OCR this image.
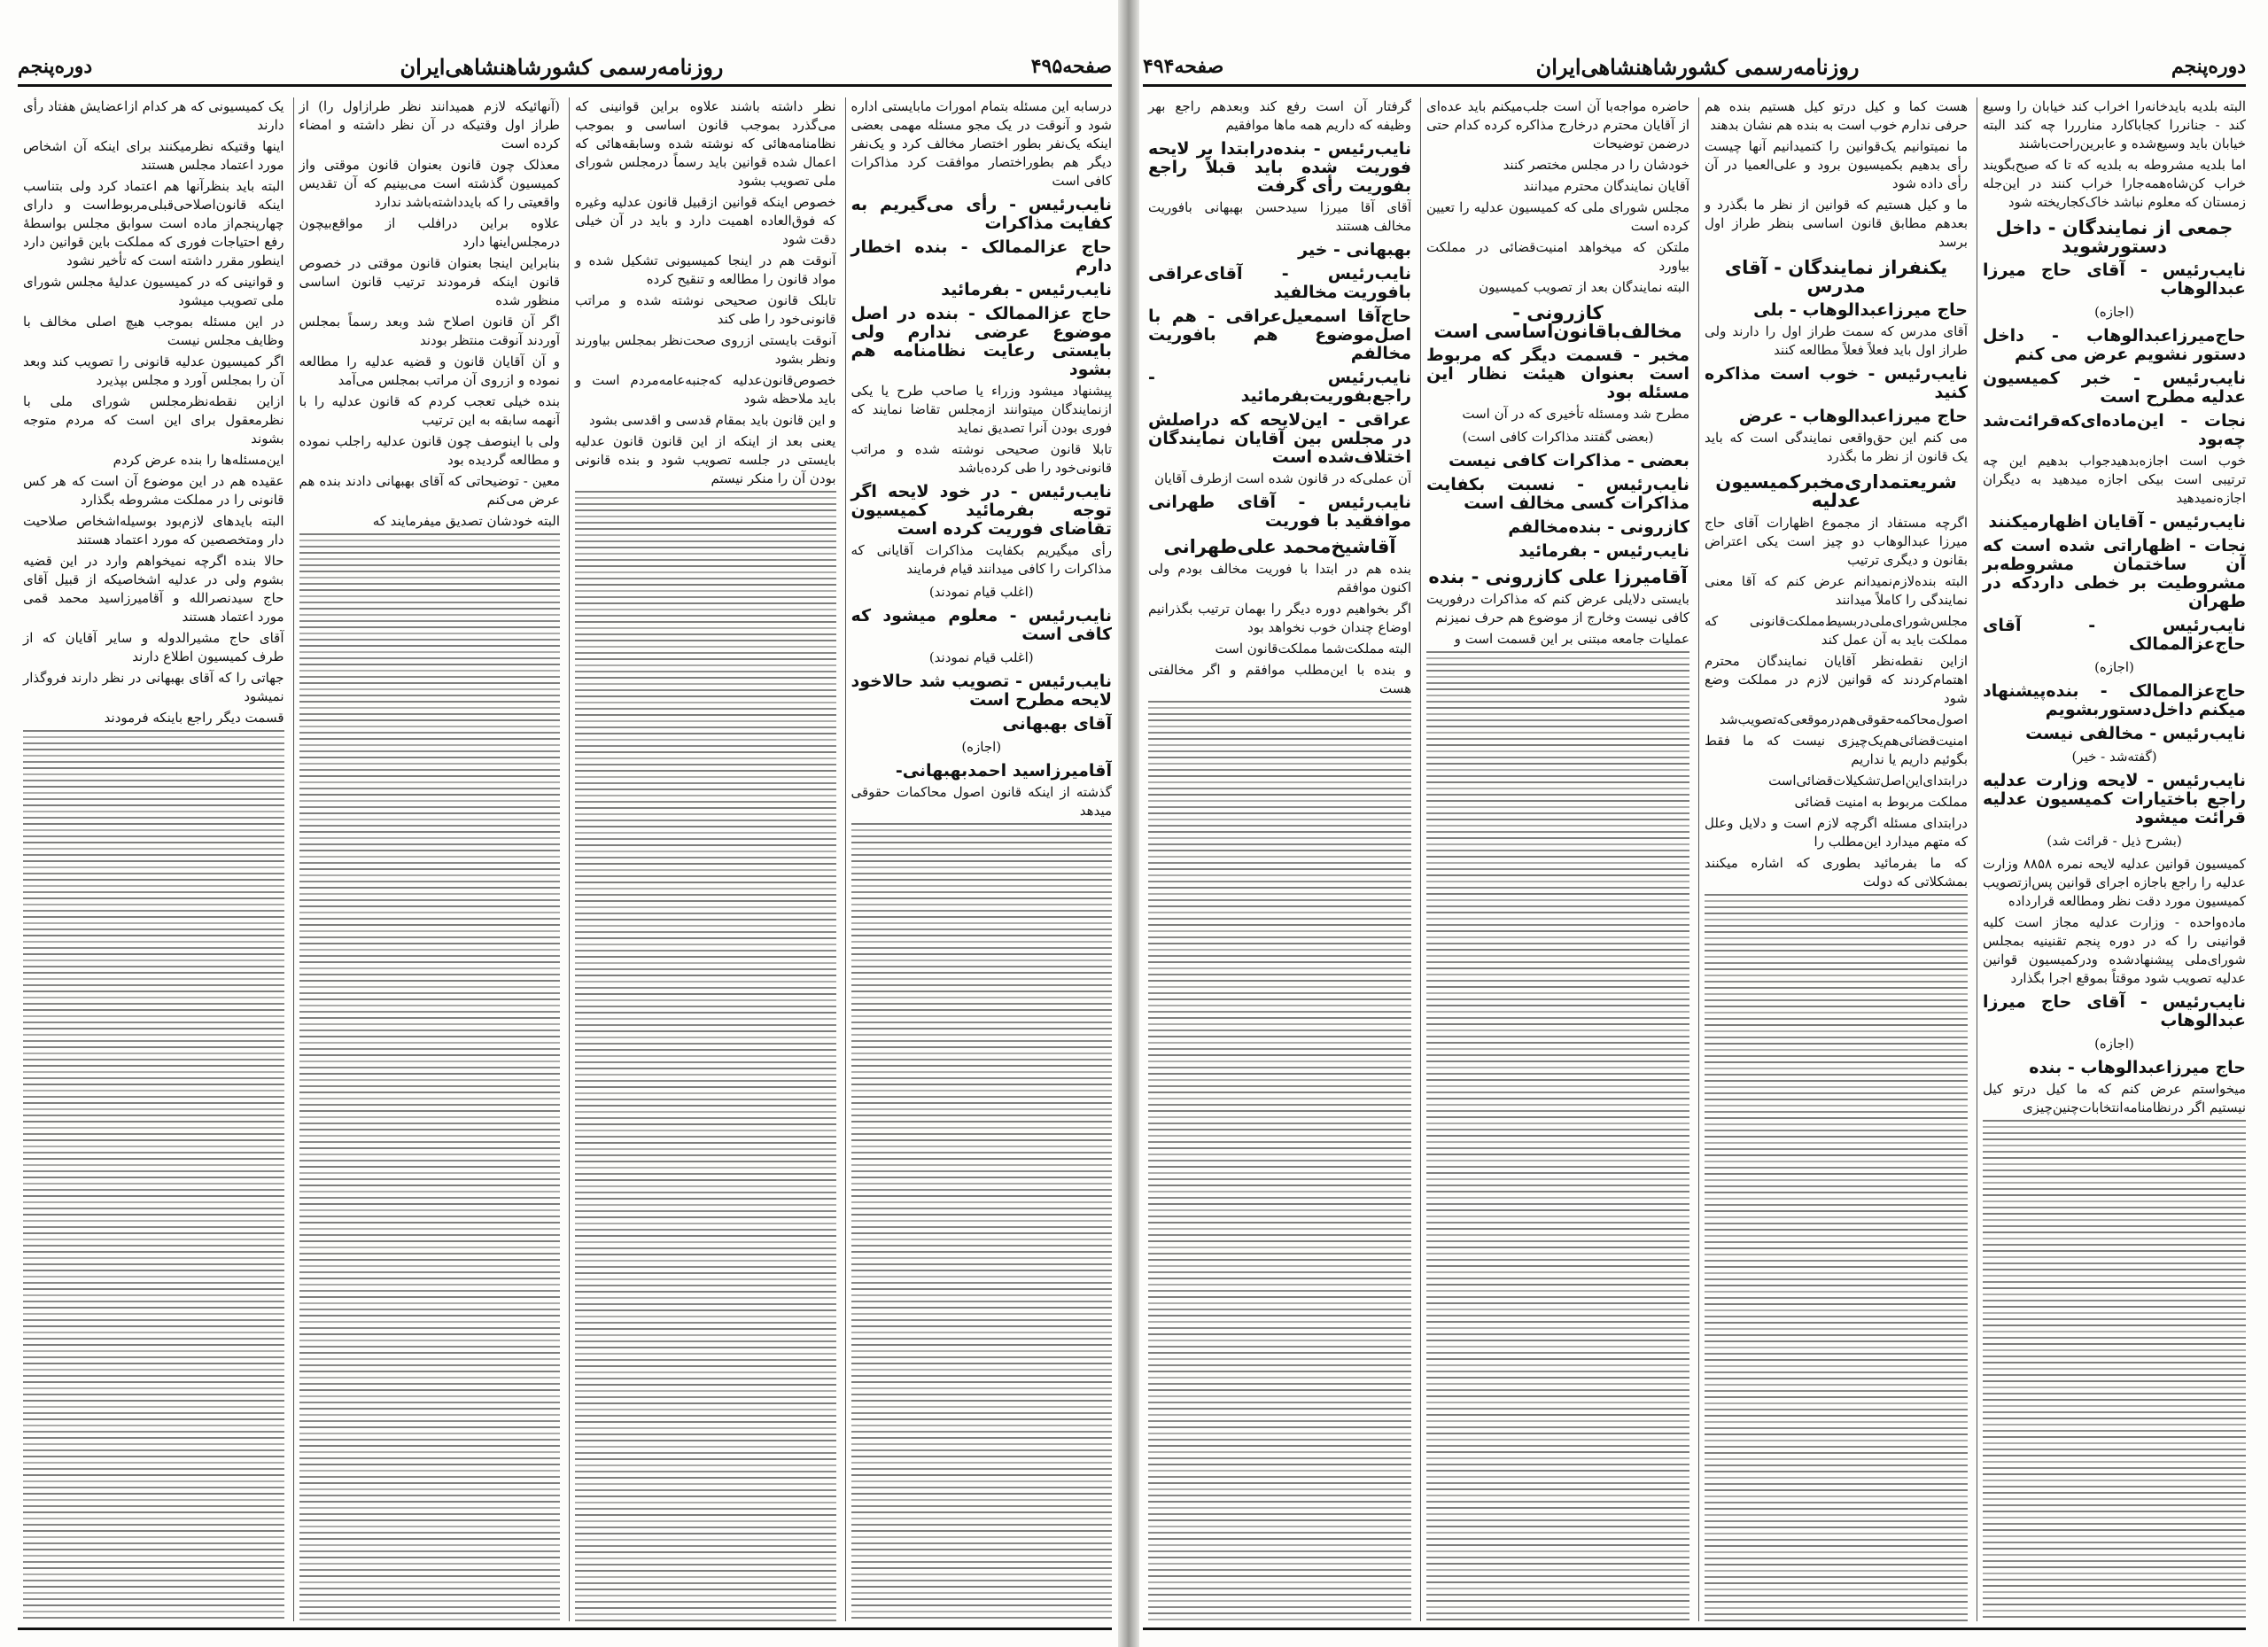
صفحه۴۹۵
روزنامه‌رسمی کشورشاهنشاهی‌ایران
دوره‌پنجم

درسابه این مسئله بتمام امورات مابایستی اداره شود و آنوقت در یک مجو مسئله مهمی بعضی اینکه یک‌نفر بطور اختصار مخالف کرد و یک‌نفر دیگر هم بطوراختصار موافقت کرد مذاکرات کافی است

نایب‌رئیس - رأی می‌گیریم به کفایت مذاکرات
حاج عزالممالک - بنده اخطار دارم
نایب‌رئیس - بفرمائید
حاج عزالممالک - بنده در اصل موضوع عرضی ندارم ولی بایستی رعایت نظامنامه هم بشود

پیشنهاد میشود وزراء یا صاحب طرح یا یکی ازنمایندگان میتوانند ازمجلس تقاضا نمایند که فوری بودن آنرا تصدیق نماید

تابلا قانون صحیحی نوشته شده و مراتب قانونی‌خود را طی کرده‌باشد

نایب‌رئیس - در خود لایحه اگر توجه بفرمائید کمیسیون تقاضای فوریت کرده است

رأی میگیریم بکفایت مذاکرات آقایانی که مذاکرات را کافی میدانند قیام فرمایند

(اغلب قیام نمودند)
نایب‌رئیس - معلوم میشود که کافی است
(اغلب قیام نمودند)
نایب‌رئیس - تصویب شد حالاخود لایحه مطرح است
آقای بهبهانی
(اجازه)
آقامیرزاسید احمدبهبهانی-

گذشته از اینکه قانون اصول محاکمات حقوقی میدهد

نظر داشته باشند علاوه براین قوانینی که می‌گذرد بموجب قانون اساسی و بموجب نظامنامه‌هائی که نوشته شده وسابقه‌هائی که اعمال شده قوانین باید رسماً درمجلس شورای ملی تصویب بشود

خصوص اینکه قوانین ازقبیل قانون عدلیه وغیره که فوق‌العاده اهمیت دارد و باید در آن خیلی دقت شود

آنوقت هم در اینجا کمیسیونی تشکیل شده و مواد قانون را مطالعه و تنقیح کرده

تابلک قانون صحیحی نوشته شده و مراتب قانونی‌خود را طی کند

آنوقت بایستی ازروی صحت‌نظر بمجلس بیاورند ونظر بشود

خصوص‌قانون‌عدلیه که‌جنبه‌عامه‌مردم است و باید ملاحظه شود

و این قانون باید بمقام قدسی و اقدسی بشود

یعنی بعد از اینکه از این قانون قانون عدلیه بایستی در جلسه تصویب شود و بنده قانونی بودن آن را منکر نیستم

(آنهائیکه لازم همیدانند نظر طرازاول را) از طراز اول وقتیکه در آن نظر داشته و امضاء کرده است

معذلک چون قانون بعنوان قانون موقتی واز کمیسیون گذشته است می‌بینیم که آن تقدیس واقعیتی را که بایدداشته‌باشد ندارد

علاوه براین درافلب از مواقع‌بیچون درمجلس‌اینها دارد

بنابراین اینجا بعنوان قانون موقتی در خصوص قانون اینکه فرمودند ترتیب قانون اساسی منظور شده

اگر آن قانون اصلاح شد وبعد رسماً بمجلس آوردند آنوقت منتظر بودند

و آن آقایان قانون و قضیه عدلیه را مطالعه نموده و ازروی آن مراتب بمجلس می‌آمد

بنده خیلی تعجب کردم که قانون عدلیه را با آنهمه سابقه به این ترتیب

ولی با اینوصف چون قانون عدلیه راجلب نموده و مطالعه گردیده بود

معین - توضیحاتی که آقای بهبهانی دادند بنده هم عرض می‌کنم

البته خودشان تصدیق میفرمایند که

یک کمیسیونی که هر کدام ازاعضایش هفتاد رأی دارند

اینها وقتیکه نظرمیکنند برای اینکه آن اشخاص مورد اعتماد مجلس هستند

البته باید بنظرآنها هم اعتماد کرد ولی بتناسب اینکه قانون‌اصلاحی‌قبلی‌مربوط‌است و دارای چهارپنجم‌از ماده است سوابق مجلس بواسطهٔ رفع احتیاجات فوری که مملکت باین قوانین دارد اینطور مقرر داشته است که تأخیر نشود

و قوانینی که در کمیسیون عدلیهٔ مجلس شورای ملی تصویب میشود

در این مسئله بموجب هیچ اصلی مخالف با وظایف مجلس نیست

اگر کمیسیون عدلیه قانونی را تصویب کند وبعد آن را بمجلس آورد و مجلس بپذیرد

ازاین نقطه‌نظرمجلس شورای ملی با نظرمعقول برای این است که مردم متوجه بشوند

این‌مسئله‌ها را بنده عرض کردم

عقیده هم در این موضوع آن است که هر کس قانونی را در مملکت مشروطه بگذارد

البته بایدهای لازم‌بود بوسیله‌اشخاص صلاحیت دار ومتخصصین که مورد اعتماد هستند

حالا بنده اگرچه نمیخواهم وارد در این قضیه بشوم ولی در عدلیه اشخاصیکه از قبیل آقای حاج سیدنصرالله و آقامیرزاسید محمد قمی مورد اعتماد هستند

آقای حاج مشیرالدوله و سایر آقایان که از طرف کمیسیون اطلاع دارند

جهاتی را که آقای بهبهانی در نظر دارند فروگذار نمیشود

قسمت دیگر راجع باینکه فرمودند

دوره‌پنجم
روزنامه‌رسمی کشورشاهنشاهی‌ایران
صفحه۴۹۴

البته بلدیه بایدخانه‌را اخراب کند خیابان را وسیع کند - جنانررا کجاباکارد منارررا چه کند البته خیابان باید وسیع‌شده و عابرین‌راحت‌باشند

اما بلدیه مشروطه به بلدیه که تا که صبح‌بگویند خراب کن‌شاه‌همه‌جارا خراب کنند در این‌جله زمستان که معلوم نباشد خاک‌کجا‌ریخته شود

جمعی از نمایندگان - داخل دستورشوید
نایب‌رئیس - آقای حاج میرزا عبدالوهاب
(اجازه)
حاج‌میرزاعبدالوهاب - داخل دستور نشویم عرض می کنم
نایب‌رئیس - خبر کمیسیون عدلیه مطرح است
نجات - این‌ماده‌ای‌که‌قرائت‌شد چه‌بود

خوب است اجازه‌بدهیدجواب بدهیم این چه ترتیبی است بیکی اجازه میدهید به دیگران اجازه‌نمیدهید

نایب‌رئیس - آقایان اظهارمیکنند
نجات - اظهاراتی شده است که آن ساختمان مشروطه‌بر مشروطیت بر خطی داردکه در طهران
نایب‌رئیس - آقای حاج‌عزالممالک
(اجازه)
حاج‌عزالممالک - بنده‌پیشنهاد میکنم داخل‌دستوربشویم
نایب‌رئیس - مخالفی نیست
(گفته‌شد - خیر)
نایب‌رئیس - لایحه وزارت عدلیه راجع باختیارات کمیسیون عدلیه قرائت میشود
(بشرح ذیل - قرائت شد)

کمیسیون قوانین عدلیه لایحه نمره ۸۸۵۸ وزارت عدلیه را راجع باجازه اجرای قوانین پس‌ازتصویب کمیسیون مورد دقت نظر ومطالعه قرارداده

ماده‌واحده - وزارت عدلیه مجاز است کلیه قوانینی را که در دوره پنجم تقنینیه بمجلس شورای‌ملی پیشنهادشده ودرکمیسیون قوانین عدلیه تصویب شود موقتاً بموقع اجرا بگذارد

نایب‌رئیس - آقای حاج میرزا عبدالوهاب
(اجازه)
حاج میرزاعبدالوهاب - بنده

میخواستم عرض کنم که ما کیل درتو کیل نیستیم اگر درنظامنامه‌انتخابات‌چنین‌چیزی

هست کما و کیل درتو کیل هستیم بنده هم حرفی ندارم خوب است به بنده هم نشان بدهند

ما نمیتوانیم یک‌قوانین را کتمیدانیم آنها چیست رأی بدهیم بکمیسیون برود و علی‌العمیا در آن رأی داده شود

ما و کیل هستیم که قوانین از نظر ما بگذرد و بعدهم مطابق قانون اساسی بنظر طراز اول برسد

یکنفراز نمایندگان - آقای مدرس
حاج میرزاعبدالوهاب - بلی

آقای مدرس که سمت طراز اول را دارند ولی طراز اول باید فعلاً فعلاً مطالعه کنند

نایب‌رئیس - خوب است مذاکره کنید
حاج میرزاعبدالوهاب - عرض

می کنم این حق‌واقعی نمایندگی است که باید یک قانون از نظر ما بگذرد

شریعتمداری‌مخبرکمیسیون عدلیه

اگرچه مستفاد از مجموع اظهارات آقای حاج میرزا عبدالوهاب دو چیز است یکی اعتراض بقانون و دیگری ترتیب

البته بنده‌لازم‌نمیدانم عرض کنم که آقا معنی نمایندگی را کاملاً میدانند

مجلس‌شورای‌ملی‌در‌بسیط‌مملکت‌قانونی که مملکت باید به آن عمل کند

ازاین نقطه‌نظر آقایان نمایندگان محترم اهتمام‌کردند که قوانین لازم در مملکت وضع شود

اصول‌محاکمه‌حقوقی‌هم‌در‌موقعی‌که‌تصویب‌شد

امنیت‌قضائی‌هم‌یک‌چیزی نیست که ما فقط بگوئیم داریم یا نداریم

درابتدای‌این‌اصل‌تشکیلات‌قضائی‌است

مملکت مربوط به امنیت قضائی

درابتدای مسئله اگرچه لازم است و دلایل وعلل که متهم میدارد این‌مطلب را

که ما بفرمائید بطوری که اشاره میکنند بمشکلاتی که دولت

حاضره مواجه‌با آن است جلب‌میکنم باید عده‌ای از آقایان محترم درخارج مذاکره کرده کدام حتی درضمن توضیحات

خودشان را در مجلس مختصر کنند

آقایان نمایندگان محترم میدانند

مجلس شورای ملی که کمیسیون عدلیه را تعیین کرده است

ملتکن که میخواهد امنیت‌قضائی در مملکت بیاورد

البته نمایندگان بعد از تصویب کمیسیون

کازرونی - مخالف‌باقانون‌اساسی است
مخبر - قسمت دیگر که مربوط است بعنوان هیئت نظار این مسئله بود

مطرح شد ومسئله تأخیری که در آن است

(بعضی گفتند مذاکرات کافی است)
بعضی - مذاکرات کافی نیست
نایب‌رئیس - نسبت بکفایت مذاکرات کسی مخالف است
کازرونی - بنده‌مخالفم
نایب‌رئیس - بفرمائید
آقامیرزا علی کازرونی - بنده

بایستی دلایلی عرض کنم که مذاکرات درفوریت کافی نیست وخارج از موضوع هم حرف نمیزنم

عملیات جامعه مبتنی بر این قسمت است و

گرفتار آن است رفع کند وبعدهم راجع بهر وظیفه که داریم همه ماها موافقیم

نایب‌رئیس - بنده‌درابتدا بر لایحه فوریت شده باید قبلاً راجع بفوریت رأی گرفت

آقای آقا میرزا سیدحسن بهبهانی بافوریت مخالف هستند

بهبهانی - خیر
نایب‌رئیس - آقای‌عراقی بافوریت مخالفید
حاج‌آقا اسمعیل‌عراقی - هم با اصل‌موضوع هم بافوریت مخالفم
نایب‌رئیس - راجع‌بفوریت‌بفرمائید
عراقی - این‌لایحه که دراصلش در مجلس بین آقایان نمایندگان اختلاف‌شده است

آن عملی‌که در قانون شده است ازطرف آقایان

نایب‌رئیس - آقای طهرانی موافقید با فوریت
آقاشیخ‌محمد علی‌طهرانی

بنده هم در ابتدا با فوریت مخالف بودم ولی اکنون موافقم

اگر بخواهیم دوره دیگر را بهمان ترتیب بگذرانیم اوضاع چندان خوب نخواهد بود

البته مملکت‌شما مملکت‌قانون است

و بنده با این‌مطلب موافقم و اگر مخالفتی هست
